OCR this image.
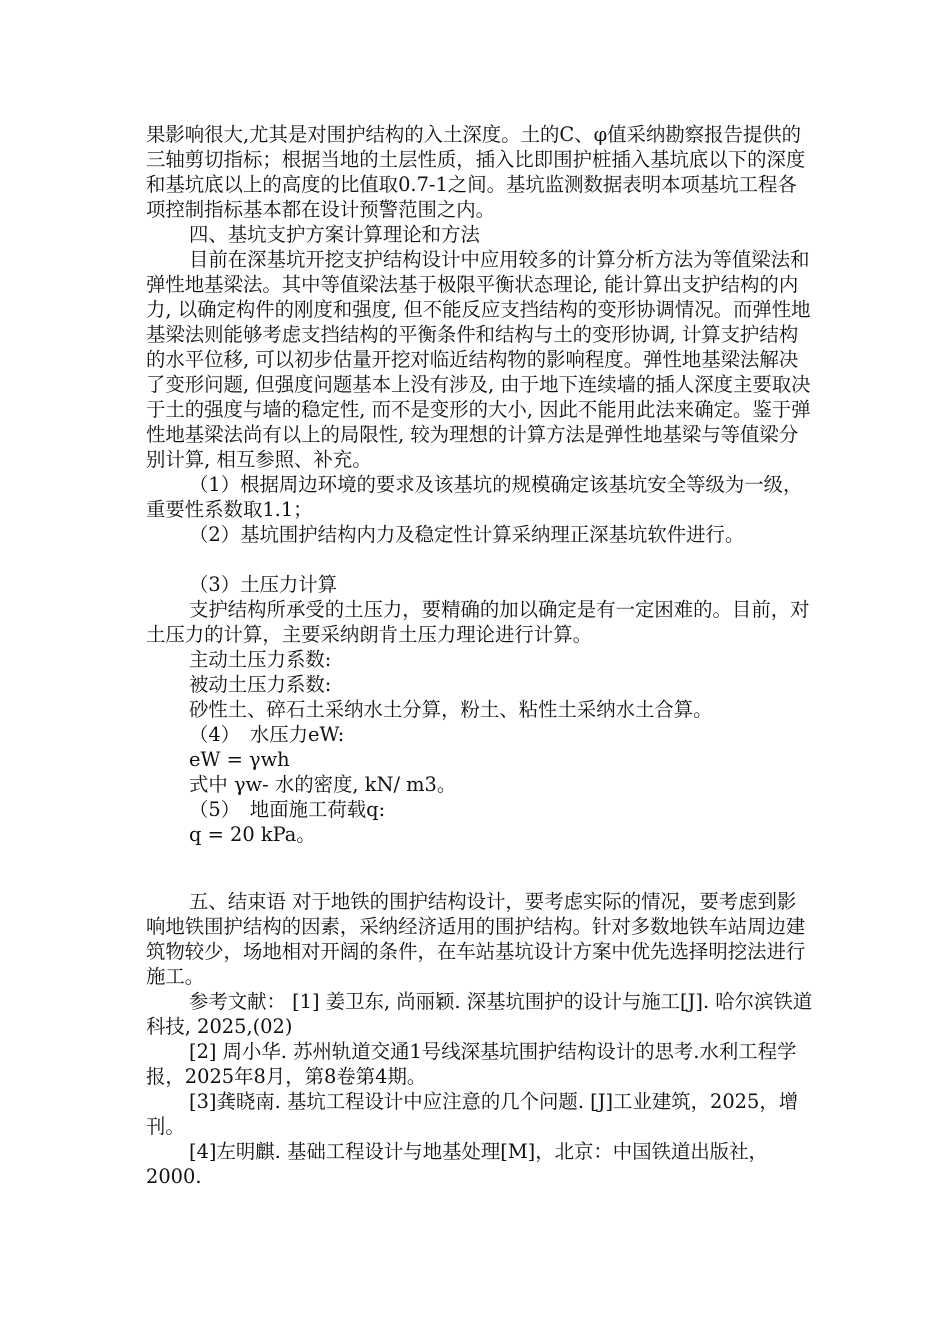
果影响很大,尤其是对围护结构的入土深度。土的C、φ值采纳勘察报告提供的三轴剪切指标；根据当地的土层性质，插入比即围护桩插入基坑底以下的深度和基坑底以上的高度的比值取0.7-1之间。基坑监测数据表明本项基坑工程各项控制指标基本都在设计预警范围之内。

四、基坑支护方案计算理论和方法

目前在深基坑开挖支护结构设计中应用较多的计算分析方法为等值梁法和弹性地基梁法。其中等值梁法基于极限平衡状态理论, 能计算出支护结构的内力, 以确定构件的刚度和强度, 但不能反应支挡结构的变形协调情况。而弹性地基梁法则能够考虑支挡结构的平衡条件和结构与土的变形协调, 计算支护结构的水平位移, 可以初步估量开挖对临近结构物的影响程度。弹性地基梁法解决了变形问题, 但强度问题基本上没有涉及, 由于地下连续墙的插人深度主要取决于土的强度与墙的稳定性, 而不是变形的大小, 因此不能用此法来确定。鉴于弹性地基梁法尚有以上的局限性, 较为理想的计算方法是弹性地基梁与等值梁分别计算, 相互参照、补充。

（1）根据周边环境的要求及该基坑的规模确定该基坑安全等级为一级，重要性系数取1.1；

（2）基坑围护结构内力及稳定性计算采纳理正深基坑软件进行。

（3）土压力计算

支护结构所承受的土压力，要精确的加以确定是有一定困难的。目前，对土压力的计算，主要采纳朗肯土压力理论进行计算。

主动土压力系数:

被动土压力系数:

砂性土、碎石土采纳水土分算，粉土、粘性土采纳水土合算。

（4）　水压力eW:

eW = γwh

式中 γw- 水的密度, kN/ m3。

（5）　地面施工荷载q:

q = 20 kPa。

五、结束语 对于地铁的围护结构设计，要考虑实际的情况，要考虑到影响地铁围护结构的因素，采纳经济适用的围护结构。针对多数地铁车站周边建筑物较少，场地相对开阔的条件，在车站基坑设计方案中优先选择明挖法进行施工。

参考文献： [1] 姜卫东, 尚丽颖. 深基坑围护的设计与施工[J]. 哈尔滨铁道科技, 2025,(02)

[2] 周小华. 苏州轨道交通1号线深基坑围护结构设计的思考.水利工程学报，2025年8月，第8卷第4期。

[3]龚晓南. 基坑工程设计中应注意的几个问题. [J]工业建筑，2025，增刊。

[4]左明麒. 基础工程设计与地基处理[M]，北京：中国铁道出版社，2000.
